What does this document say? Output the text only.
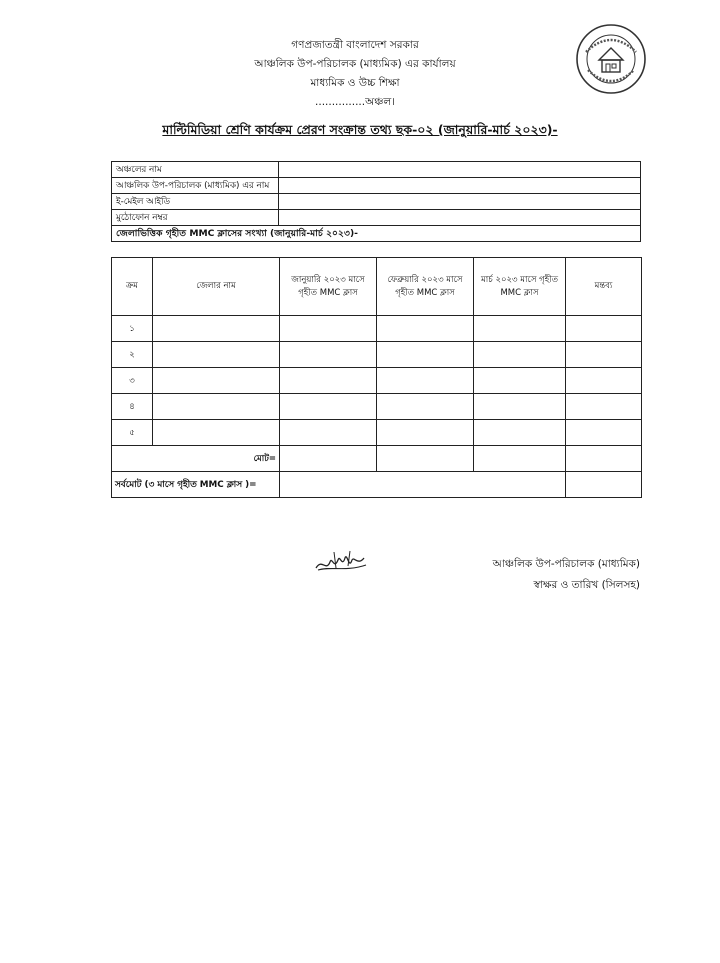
গণপ্রজাতন্ত্রী বাংলাদেশ সরকার
আঞ্চলিক উপ-পরিচালক (মাধ্যমিক) এর কার্যালয়
মাধ্যমিক ও উচ্চ শিক্ষা
...............অঞ্চল।
মাল্টিমিডিয়া শ্রেণি কার্যক্রম প্রেরণ সংক্রান্ত তথ্য ছক-০২ (জানুয়ারি-মার্চ ২০২৩)-
অঞ্চলের নাম	
আঞ্চলিক উপ-পরিচালক (মাধ্যমিক) এর নাম	
ই-মেইল আইডি	
মুঠোফোন নম্বর	
জেলাভিত্তিক গৃহীত MMC ক্লাসের সংখ্যা (জানুয়ারি-মার্চ ২০২৩)-	
ক্রম	জেলার নাম	জানুয়ারি ২০২৩ মাসে গৃহীত MMC ক্লাস	ফেব্রুয়ারি ২০২৩ মাসে গৃহীত MMC ক্লাস	মার্চ ২০২৩ মাসে গৃহীত MMC ক্লাস	মন্তব্য
১					
২					
৩					
৪					
৫					
মোট=					
সর্বমোট (৩ মাসে গৃহীত MMC ক্লাস )=					
আঞ্চলিক উপ-পরিচালক (মাধ্যমিক)
স্বাক্ষর ও তারিখ (সিলসহ)
